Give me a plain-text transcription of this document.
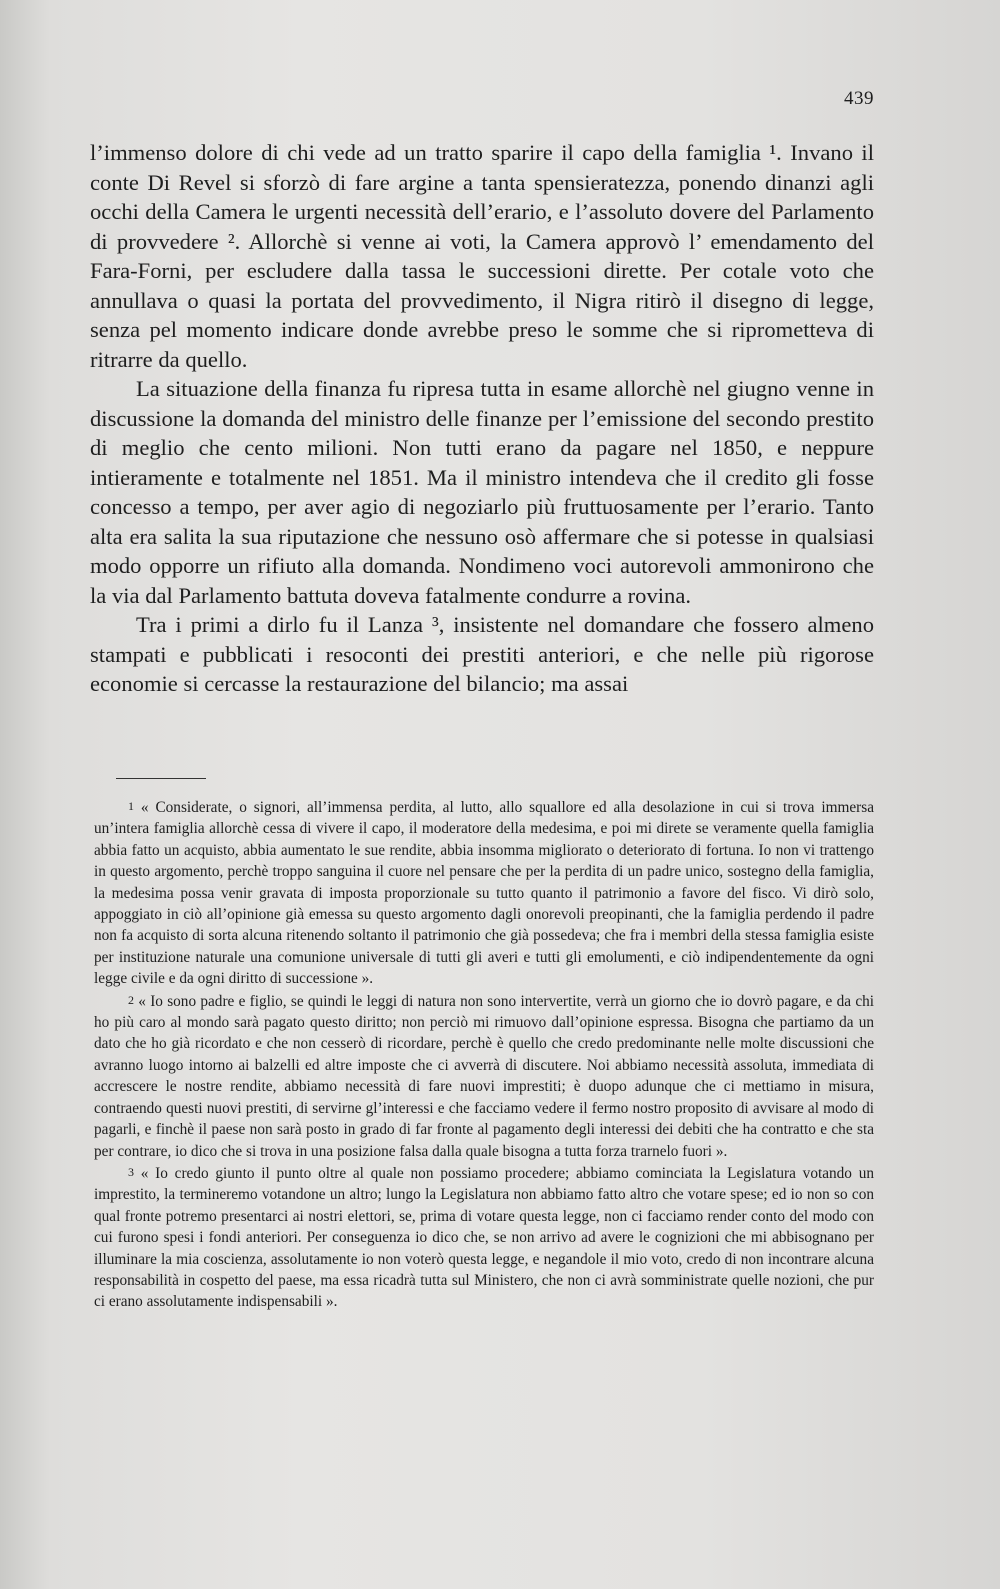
439

l’immenso dolore di chi vede ad un tratto sparire il capo della famiglia ¹. Invano il conte Di Revel si sforzò di fare argine a tanta spensieratezza, ponendo dinanzi agli occhi della Camera le urgenti necessità dell’erario, e l’assoluto dovere del Parlamento di provvedere ². Allorchè si venne ai voti, la Camera approvò l’ emendamento del Fara-Forni, per escludere dalla tassa le successioni dirette. Per cotale voto che annullava o quasi la portata del provvedimento, il Nigra ritirò il disegno di legge, senza pel momento indicare donde avrebbe preso le somme che si riprometteva di ritrarre da quello.

La situazione della finanza fu ripresa tutta in esame allorchè nel giugno venne in discussione la domanda del ministro delle finanze per l’emissione del secondo prestito di meglio che cento milioni. Non tutti erano da pagare nel 1850, e neppure intieramente e totalmente nel 1851. Ma il ministro intendeva che il credito gli fosse concesso a tempo, per aver agio di negoziarlo più fruttuosamente per l’erario. Tanto alta era salita la sua riputazione che nessuno osò affermare che si potesse in qualsiasi modo opporre un rifiuto alla domanda. Nondimeno voci autorevoli ammonirono che la via dal Parlamento battuta doveva fatalmente condurre a rovina.

Tra i primi a dirlo fu il Lanza ³, insistente nel domandare che fossero almeno stampati e pubblicati i resoconti dei prestiti anteriori, e che nelle più rigorose economie si cercasse la restaurazione del bilancio; ma assai

1 « Considerate, o signori, all’immensa perdita, al lutto, allo squallore ed alla desolazione in cui si trova immersa un’intera famiglia allorchè cessa di vivere il capo, il moderatore della medesima, e poi mi direte se veramente quella famiglia abbia fatto un acquisto, abbia aumentato le sue rendite, abbia insomma migliorato o deteriorato di fortuna. Io non vi trattengo in questo argomento, perchè troppo sanguina il cuore nel pensare che per la perdita di un padre unico, sostegno della famiglia, la medesima possa venir gravata di imposta proporzionale su tutto quanto il patrimonio a favore del fisco. Vi dirò solo, appoggiato in ciò all’opinione già emessa su questo argomento dagli onorevoli preopinanti, che la famiglia perdendo il padre non fa acquisto di sorta alcuna ritenendo soltanto il patrimonio che già possedeva; che fra i membri della stessa famiglia esiste per instituzione naturale una comunione universale di tutti gli averi e tutti gli emolumenti, e ciò indipendentemente da ogni legge civile e da ogni diritto di successione ».

2 « Io sono padre e figlio, se quindi le leggi di natura non sono intervertite, verrà un giorno che io dovrò pagare, e da chi ho più caro al mondo sarà pagato questo diritto; non perciò mi rimuovo dall’opinione espressa. Bisogna che partiamo da un dato che ho già ricordato e che non cesserò di ricordare, perchè è quello che credo predominante nelle molte discussioni che avranno luogo intorno ai balzelli ed altre imposte che ci avverrà di discutere. Noi abbiamo necessità assoluta, immediata di accrescere le nostre rendite, abbiamo necessità di fare nuovi imprestiti; è duopo adunque che ci mettiamo in misura, contraendo questi nuovi prestiti, di servirne gl’interessi e che facciamo vedere il fermo nostro proposito di avvisare al modo di pagarli, e finchè il paese non sarà posto in grado di far fronte al pagamento degli interessi dei debiti che ha contratto e che sta per contrare, io dico che si trova in una posizione falsa dalla quale bisogna a tutta forza trarnelo fuori ».

3 « Io credo giunto il punto oltre al quale non possiamo procedere; abbiamo cominciata la Legislatura votando un imprestito, la termineremo votandone un altro; lungo la Legislatura non abbiamo fatto altro che votare spese; ed io non so con qual fronte potremo presentarci ai nostri elettori, se, prima di votare questa legge, non ci facciamo render conto del modo con cui furono spesi i fondi anteriori. Per conseguenza io dico che, se non arrivo ad avere le cognizioni che mi abbisognano per illuminare la mia coscienza, assolutamente io non voterò questa legge, e negandole il mio voto, credo di non incontrare alcuna responsabilità in cospetto del paese, ma essa ricadrà tutta sul Ministero, che non ci avrà somministrate quelle nozioni, che pur ci erano assolutamente indispensabili ».
